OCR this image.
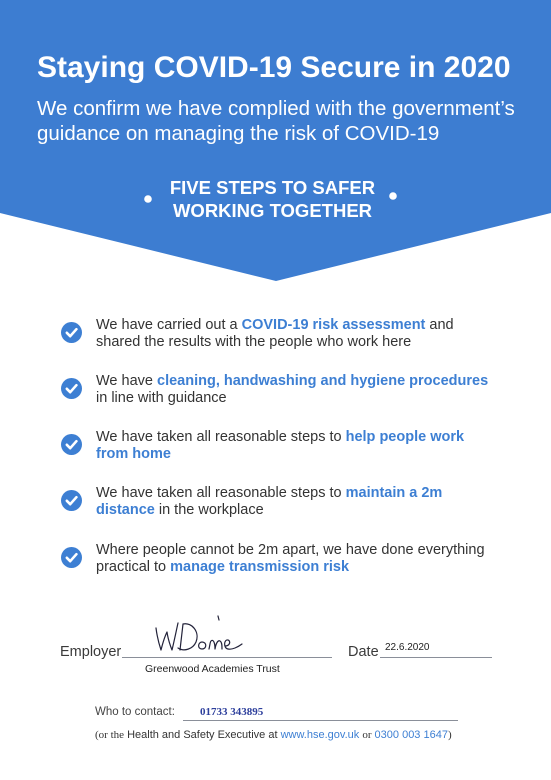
Staying COVID-19 Secure in 2020
We confirm we have complied with the government’s guidance on managing the risk of COVID-19
FIVE STEPS TO SAFER
WORKING TOGETHER
We have carried out a COVID-19 risk assessment and
shared the results with the people who work here
We have cleaning, handwashing and hygiene procedures
in line with guidance
We have taken all reasonable steps to help people work
from home
We have taken all reasonable steps to maintain a 2m
distance in the workplace
Where people cannot be 2m apart, we have done everything
practical to manage transmission risk
Employer
Greenwood Academies Trust
Date 22.6.2020
Who to contact: 01733 343895
(or the Health and Safety Executive at www.hse.gov.uk or 0300 003 1647)
